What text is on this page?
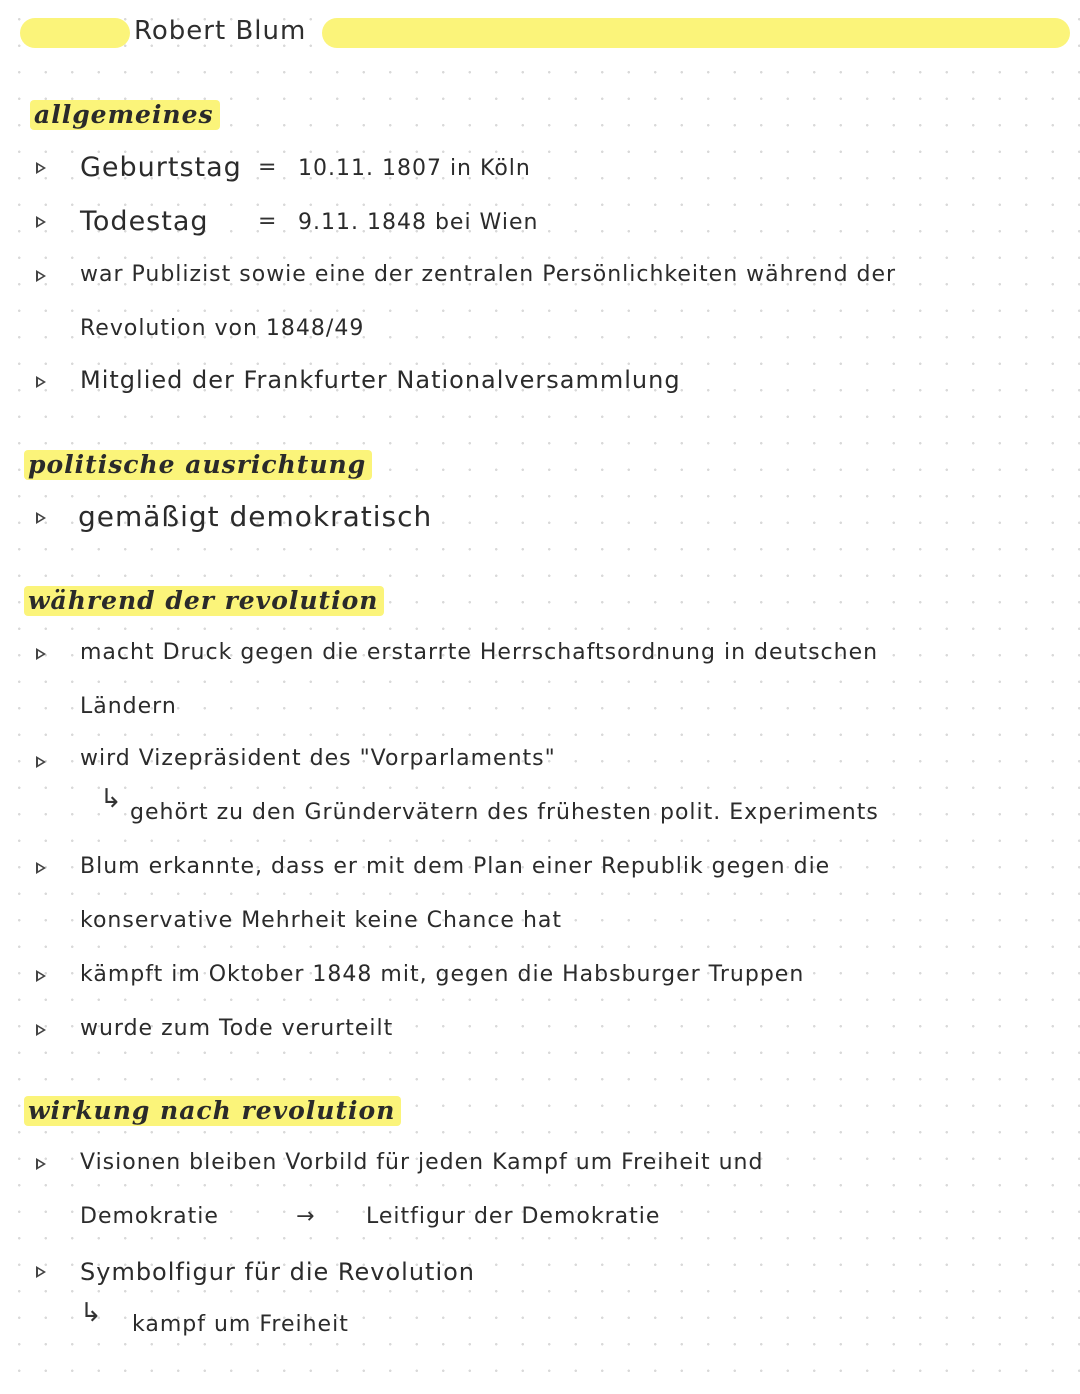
Robert Blum
allgemeines
Geburtstag = 10.11. 1807 in Köln
Todestag = 9.11. 1848 bei Wien
war Publizist sowie eine der zentralen Persönlichkeiten während der
Revolution von 1848/49
Mitglied der Frankfurter Nationalversammlung
politische ausrichtung
gemäßigt demokratisch
während der revolution
macht Druck gegen die erstarrte Herrschaftsordnung in deutschen
Ländern
wird Vizepräsident des "Vorparlaments"
↳ gehört zu den Gründervätern des frühesten polit. Experiments
Blum erkannte, dass er mit dem Plan einer Republik gegen die
konservative Mehrheit keine Chance hat
kämpft im Oktober 1848 mit, gegen die Habsburger Truppen
wurde zum Tode verurteilt
wirkung nach revolution
Visionen bleiben Vorbild für jeden Kampf um Freiheit und
Demokratie	→ Leitfigur der Demokratie
Symbolfigur für die Revolution
↳ kampf um Freiheit
